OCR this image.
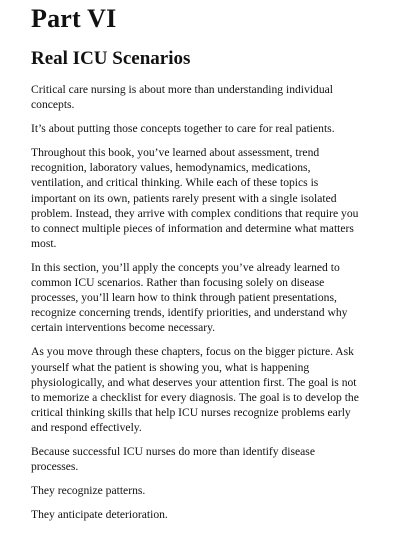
Part VI
Real ICU Scenarios

Critical care nursing is about more than understanding individual concepts.

It’s about putting those concepts together to care for real patients.

Throughout this book, you’ve learned about assessment, trend recognition, laboratory values, hemodynamics, medications, ventilation, and critical thinking. While each of these topics is important on its own, patients rarely present with a single isolated problem. Instead, they arrive with complex conditions that require you to connect multiple pieces of information and determine what matters most.

In this section, you’ll apply the concepts you’ve already learned to common ICU scenarios. Rather than focusing solely on disease processes, you’ll learn how to think through patient presentations, recognize concerning trends, identify priorities, and understand why certain interventions become necessary.

As you move through these chapters, focus on the bigger picture. Ask yourself what the patient is showing you, what is happening physiologically, and what deserves your attention first. The goal is not to memorize a checklist for every diagnosis. The goal is to develop the critical thinking skills that help ICU nurses recognize problems early and respond effectively.

Because successful ICU nurses do more than identify disease processes.

They recognize patterns.

They anticipate deterioration.
